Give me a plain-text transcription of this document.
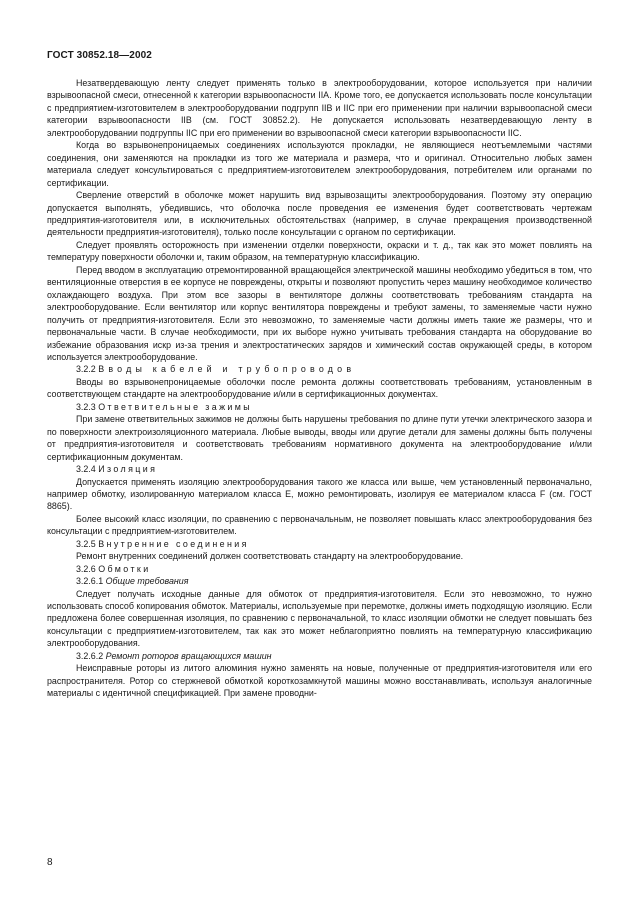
ГОСТ 30852.18—2002

Незатвердевающую ленту следует применять только в электрооборудовании, которое используется при наличии взрывоопасной смеси, отнесенной к категории взрывоопасности IIA. Кроме того, ее допускается использовать после консультации с предприятием-изготовителем в электрооборудовании подгрупп IIB и IIC при его применении при наличии взрывоопасной смеси категории взрывоопасности IIB (см. ГОСТ 30852.2). Не допускается использовать незатвердевающую ленту в электрооборудовании подгруппы IIC при его применении во взрывоопасной смеси категории взрывоопасности IIC.

Когда во взрывонепроницаемых соединениях используются прокладки, не являющиеся неотъемлемыми частями соединения, они заменяются на прокладки из того же материала и размера, что и оригинал. Относительно любых замен материала следует консультироваться с предприятием-изготовителем электрооборудования, потребителем или органами по сертификации.

Сверление отверстий в оболочке может нарушить вид взрывозащиты электрооборудования. Поэтому эту операцию допускается выполнять, убедившись, что оболочка после проведения ее изменения будет соответствовать чертежам предприятия-изготовителя или, в исключительных обстоятельствах (например, в случае прекращения производственной деятельности предприятия-изготовителя), только после консультации с органом по сертификации.

Следует проявлять осторожность при изменении отделки поверхности, окраски и т. д., так как это может повлиять на температуру поверхности оболочки и, таким образом, на температурную классификацию.

Перед вводом в эксплуатацию отремонтированной вращающейся электрической машины необходимо убедиться в том, что вентиляционные отверстия в ее корпусе не повреждены, открыты и позволяют пропустить через машину необходимое количество охлаждающего воздуха. При этом все зазоры в вентиляторе должны соответствовать требованиям стандарта на электрооборудование. Если вентилятор или корпус вентилятора повреждены и требуют замены, то заменяемые части нужно получить от предприятия-изготовителя. Если это невозможно, то заменяемые части должны иметь такие же размеры, что и первоначальные части. В случае необходимости, при их выборе нужно учитывать требования стандарта на оборудование во избежание образования искр из-за трения и электростатических зарядов и химический состав окружающей среды, в котором используется электрооборудование.

3.2.2 Вводы кабелей и трубопроводов

Вводы во взрывонепроницаемые оболочки после ремонта должны соответствовать требованиям, установленным в соответствующем стандарте на электрооборудование и/или в сертификационных документах.

3.2.3 Ответвительные зажимы

При замене ответвительных зажимов не должны быть нарушены требования по длине пути утечки электрического зазора и по поверхности электроизоляционного материала. Любые выводы, вводы или другие детали для замены должны быть получены от предприятия-изготовителя и соответствовать требованиям нормативного документа на электрооборудование и/или сертификационным документам.

3.2.4 Изоляция

Допускается применять изоляцию электрооборудования такого же класса или выше, чем установленный первоначально, например обмотку, изолированную материалом класса Е, можно ремонтировать, изолируя ее материалом класса F (см. ГОСТ 8865).

Более высокий класс изоляции, по сравнению с первоначальным, не позволяет повышать класс электрооборудования без консультации с предприятием-изготовителем.

3.2.5 Внутренние соединения

Ремонт внутренних соединений должен соответствовать стандарту на электрооборудование.

3.2.6 Обмотки

3.2.6.1 Общие требования

Следует получать исходные данные для обмоток от предприятия-изготовителя. Если это невозможно, то нужно использовать способ копирования обмоток. Материалы, используемые при перемотке, должны иметь подходящую изоляцию. Если предложена более совершенная изоляция, по сравнению с первоначальной, то класс изоляции обмотки не следует повышать без консультации с предприятием-изготовителем, так как это может неблагоприятно повлиять на температурную классификацию электрооборудования.

3.2.6.2 Ремонт роторов вращающихся машин

Неисправные роторы из литого алюминия нужно заменять на новые, полученные от предприятия-изготовителя или его распространителя. Ротор со стержневой обмоткой короткозамкнутой машины можно восстанавливать, используя аналогичные материалы с идентичной спецификацией. При замене проводни-

8
